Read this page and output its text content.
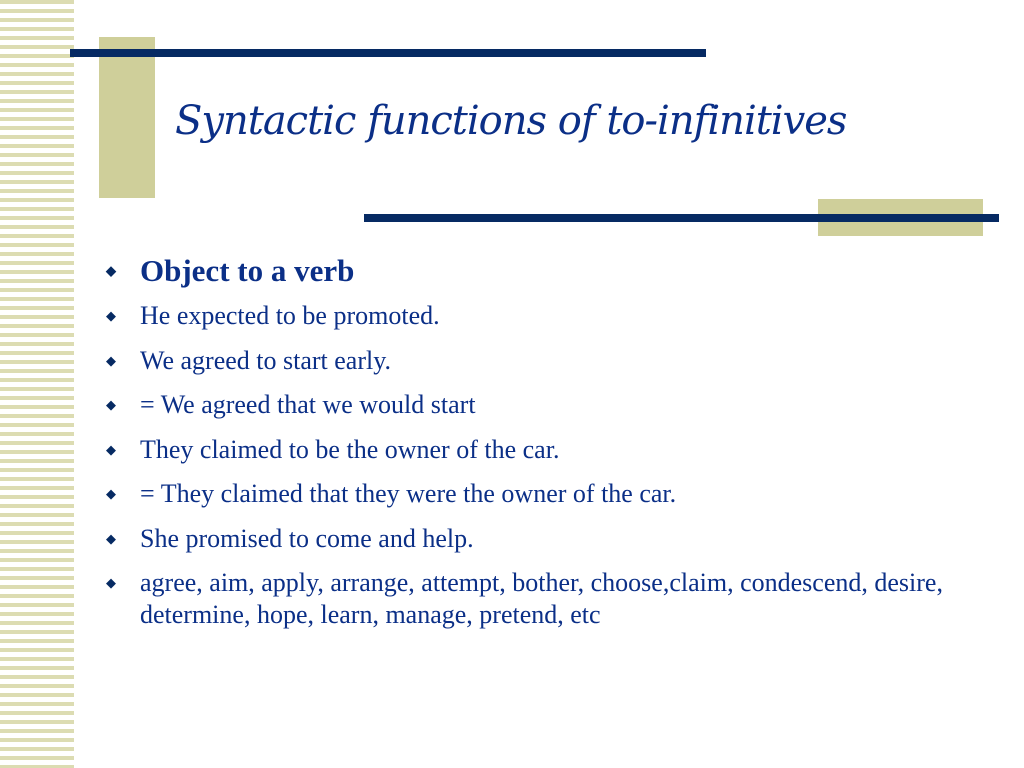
Syntactic functions of to-infinitives
◆ Object to a verb
◆ He expected to be promoted.
◆ We agreed to start early.
◆ = We agreed that we would start
◆ They claimed to be the owner of the car.
◆ = They claimed that they were the owner of the car.
◆ She promised to come and help.
◆ agree, aim, apply, arrange, attempt, bother, choose,claim, condescend, desire, determine, hope, learn, manage, pretend, etc
